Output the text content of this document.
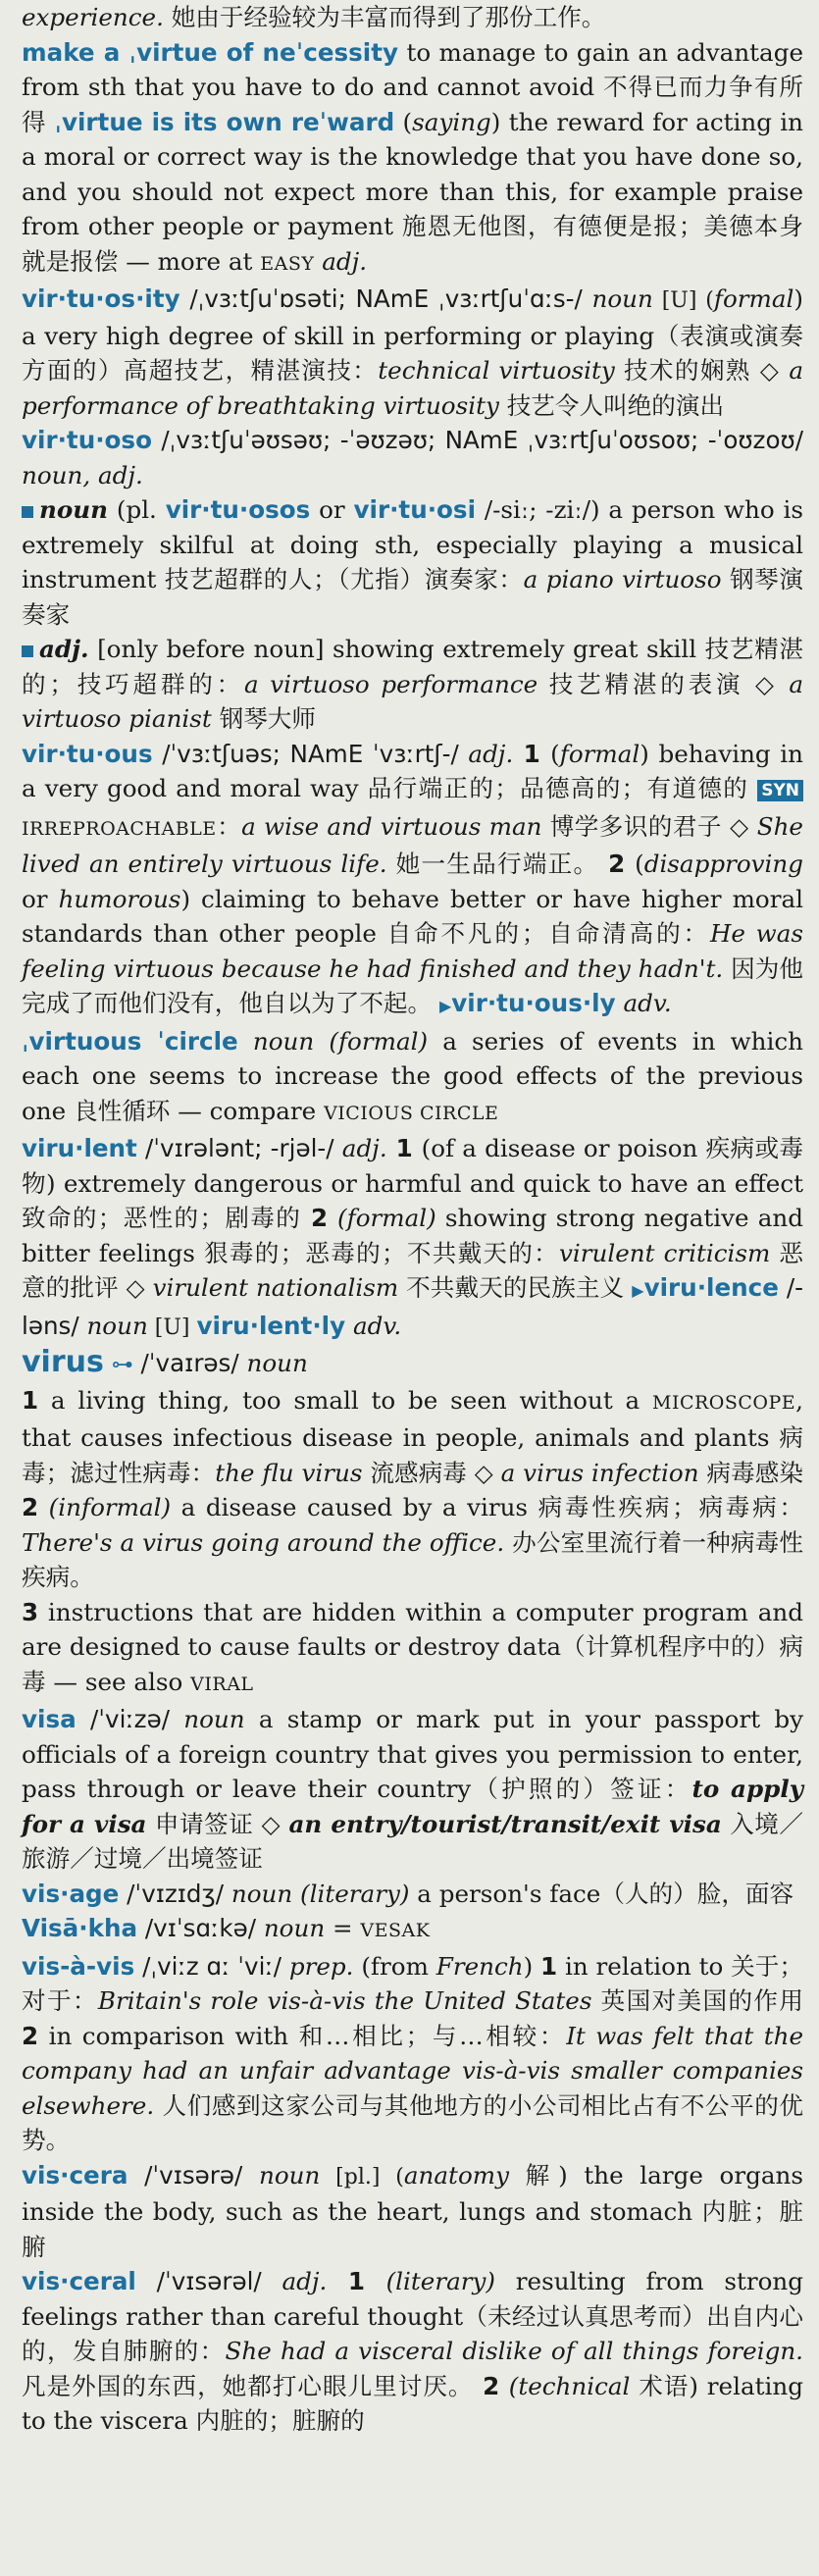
experience. 她由于经验较为丰富而得到了那份工作。
make a ˌvirtue of neˈcessity to manage to gain an advantage from sth that you have to do and cannot avoid 不得已而力争有所得 ˌvirtue is its own reˈward (saying) the reward for acting in a moral or correct way is the knowledge that you have done so, and you should not expect more than this, for example praise from other people or payment 施恩无他图，有德便是报；美德本身就是报偿 — more at EASY adj.
vir·tu·os·ity /ˌvɜːtʃuˈɒsəti; NAmE ˌvɜːrtʃuˈɑːs-/ noun [U] (formal) a very high degree of skill in performing or playing（表演或演奏方面的）高超技艺，精湛演技：technical virtuosity 技术的娴熟 ◇ a performance of breathtaking virtuosity 技艺令人叫绝的演出
vir·tu·oso /ˌvɜːtʃuˈəʊsəʊ; -ˈəʊzəʊ; NAmE ˌvɜːrtʃuˈoʊsoʊ; -ˈoʊzoʊ/ noun, adj.
noun (pl. vir·tu·osos or vir·tu·osi /-siː; -ziː/) a person who is extremely skilful at doing sth, especially playing a musical instrument 技艺超群的人；（尤指）演奏家：a piano virtuoso 钢琴演奏家
adj. [only before noun] showing extremely great skill 技艺精湛的；技巧超群的：a virtuoso performance 技艺精湛的表演 ◇ a virtuoso pianist 钢琴大师
vir·tu·ous /ˈvɜːtʃuəs; NAmE ˈvɜːrtʃ-/ adj. 1 (formal) behaving in a very good and moral way 品行端正的；品德高的；有道德的 SYN IRREPROACHABLE：a wise and virtuous man 博学多识的君子 ◇ She lived an entirely virtuous life. 她一生品行端正。 2 (disapproving or humorous) claiming to behave better or have higher moral standards than other people 自命不凡的；自命清高的：He was feeling virtuous because he had finished and they hadn't. 因为他完成了而他们没有，他自以为了不起。 ▶vir·tu·ous·ly adv.
ˌvirtuous ˈcircle noun (formal) a series of events in which each one seems to increase the good effects of the previous one 良性循环 — compare VICIOUS CIRCLE
viru·lent /ˈvɪrələnt; -rjəl-/ adj. 1 (of a disease or poison 疾病或毒物) extremely dangerous or harmful and quick to have an effect 致命的；恶性的；剧毒的 2 (formal) showing strong negative and bitter feelings 狠毒的；恶毒的；不共戴天的：virulent criticism 恶意的批评 ◇ virulent nationalism 不共戴天的民族主义 ▶viru·lence /-ləns/ noun [U] viru·lent·ly adv.
virus ⊶ /ˈvaɪrəs/ noun
1 a living thing, too small to be seen without a MICROSCOPE, that causes infectious disease in people, animals and plants 病毒；滤过性病毒：the flu virus 流感病毒 ◇ a virus infection 病毒感染 2 (informal) a disease caused by a virus 病毒性疾病；病毒病：There's a virus going around the office. 办公室里流行着一种病毒性疾病。
3 instructions that are hidden within a computer program and are designed to cause faults or destroy data（计算机程序中的）病毒 — see also VIRAL
visa /ˈviːzə/ noun a stamp or mark put in your passport by officials of a foreign country that gives you permission to enter, pass through or leave their country（护照的）签证：to apply for a visa 申请签证 ◇ an entry/tourist/transit/exit visa 入境／旅游／过境／出境签证
vis·age /ˈvɪzɪdʒ/ noun (literary) a person's face（人的）脸，面容
Visā·kha /vɪˈsɑːkə/ noun = VESAK
vis-à-vis /ˌviːz ɑː ˈviː/ prep. (from French) 1 in relation to 关于；对于：Britain's role vis-à-vis the United States 英国对美国的作用 2 in comparison with 和…相比；与…相较：It was felt that the company had an unfair advantage vis-à-vis smaller companies elsewhere. 人们感到这家公司与其他地方的小公司相比占有不公平的优势。
vis·cera /ˈvɪsərə/ noun [pl.] (anatomy 解) the large organs inside the body, such as the heart, lungs and stomach 内脏；脏腑
vis·ceral /ˈvɪsərəl/ adj. 1 (literary) resulting from strong feelings rather than careful thought（未经过认真思考而）出自内心的，发自肺腑的：She had a visceral dislike of all things foreign. 凡是外国的东西，她都打心眼儿里讨厌。 2 (technical 术语) relating to the viscera 内脏的；脏腑的
